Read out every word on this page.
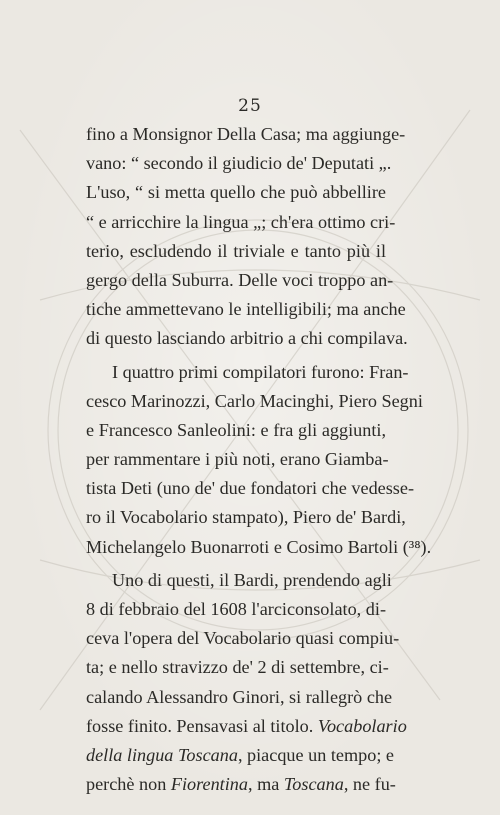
25
fino a Monsignor Della Casa; ma aggiunge-
vano: “ secondo il giudicio de' Deputati „.
L'uso, “ si metta quello che può abbellire
“ e arricchire la lingua „; ch'era ottimo cri-
terio, escludendo il triviale e tanto più il
gergo della Suburra. Delle voci troppo an-
tiche ammettevano le intelligibili; ma anche
di questo lasciando arbitrio a chi compilava.
I quattro primi compilatori furono: Fran-
cesco Marinozzi, Carlo Macinghi, Piero Segni
e Francesco Sanleolini: e fra gli aggiunti,
per rammentare i più noti, erano Giamba-
tista Deti (uno de' due fondatori che vedesse-
ro il Vocabolario stampato), Piero de' Bardi,
Michelangelo Buonarroti e Cosimo Bartoli (³⁸).
Uno di questi, il Bardi, prendendo agli
8 di febbraio del 1608 l'arciconsolato, di-
ceva l'opera del Vocabolario quasi compiu-
ta; e nello stravizzo de' 2 di settembre, ci-
calando Alessandro Ginori, si rallegrò che
fosse finito. Pensavasi al titolo. Vocabolario
della lingua Toscana, piacque un tempo; e
perchè non Fiorentina, ma Toscana, ne fu-
